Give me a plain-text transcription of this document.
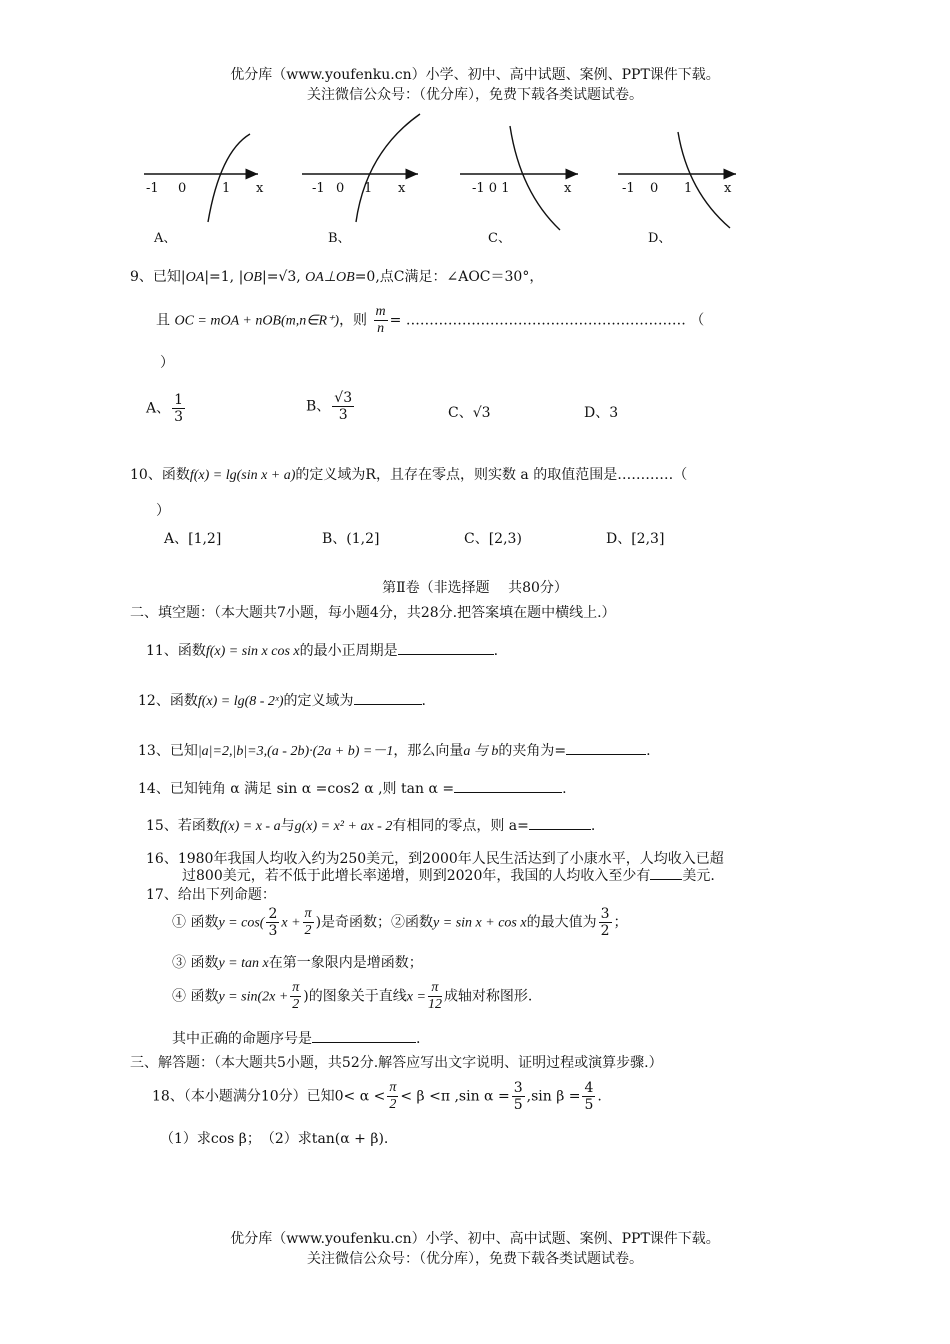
优分库（www.youfenku.cn）小学、初中、高中试题、案例、PPT课件下载。
关注微信公众号：（优分库），免费下载各类试题试卷。
-1 0	1 x
A、
-1 0 1 x
B、
-1 0 1	x
C、
-1 0 1 x
D、
9、已知|OA|=1, |OB|=√3, OA⊥OB=0,点C满足：∠AOC＝30°，
且 OC = mOA + nOB(m,n∈R⁺)，则 $\frac{m}{n}$ = …………………………………………………… （
）
A、 $\frac{1}{3}$	B、 $\frac{√3}{3}$	C、√3	D、3
10、函数f(x) = lg(sin x + a)的定义域为R，且存在零点，则实数 a 的取值范围是…………（
）
A、[1,2]	B、(1,2]	C、[2,3)	D、[2,3]
第Ⅱ卷（非选择题　 共80分）
二、填空题：（本大题共7小题，每小题4分，共28分.把答案填在题中横线上.）
11、函数f(x) = sin x cos x的最小正周期是	.
12、函数f(x) = lg(8 - 2ˣ)的定义域为	.
13、已知|a|=2,|b|=3,(a - 2b)·(2a + b) =－1，那么向量a 与 b的夹角为=	.
14、已知钝角 α 满足 sin α =cos2 α ,则 tan α =	.
15、若函数f(x) = x - a与g(x) = x² + ax - 2有相同的零点，则 a=	.
16、1980年我国人均收入约为250美元，到2000年人民生活达到了小康水平，人均收入已超
过800美元，若不低于此增长率递增，则到2020年，我国的人均收入至少有 美元.
17、给出下列命题：
① 函数$y = \cos( \frac{2}{3}$ $x + \frac{\pi}{2}$ )是奇函数；②函数y = sin x + cos x的最大值为 $\frac{3}{2}$ ；
③ 函数y = tan x在第一象限内是增函数；
④ 函数$y = \sin(2x + \frac{\pi}{2}$ )的图象关于直线$x = \frac{\pi}{12}$ 成轴对称图形.
其中正确的命题序号是	.
三、解答题：（本大题共5小题，共52分.解答应写出文字说明、证明过程或演算步骤.）
18、（本小题满分10分）已知$0< \alpha < \frac{\pi}{2} < \beta <\pi$ ,sin $\alpha = \frac{3}{5} ,\sin$ $\beta = \frac{4}{5}$ .
（1）求cos β；　（2）求tan(α + β).
优分库（www.youfenku.cn）小学、初中、高中试题、案例、PPT课件下载。
关注微信公众号：（优分库），免费下载各类试题试卷。
